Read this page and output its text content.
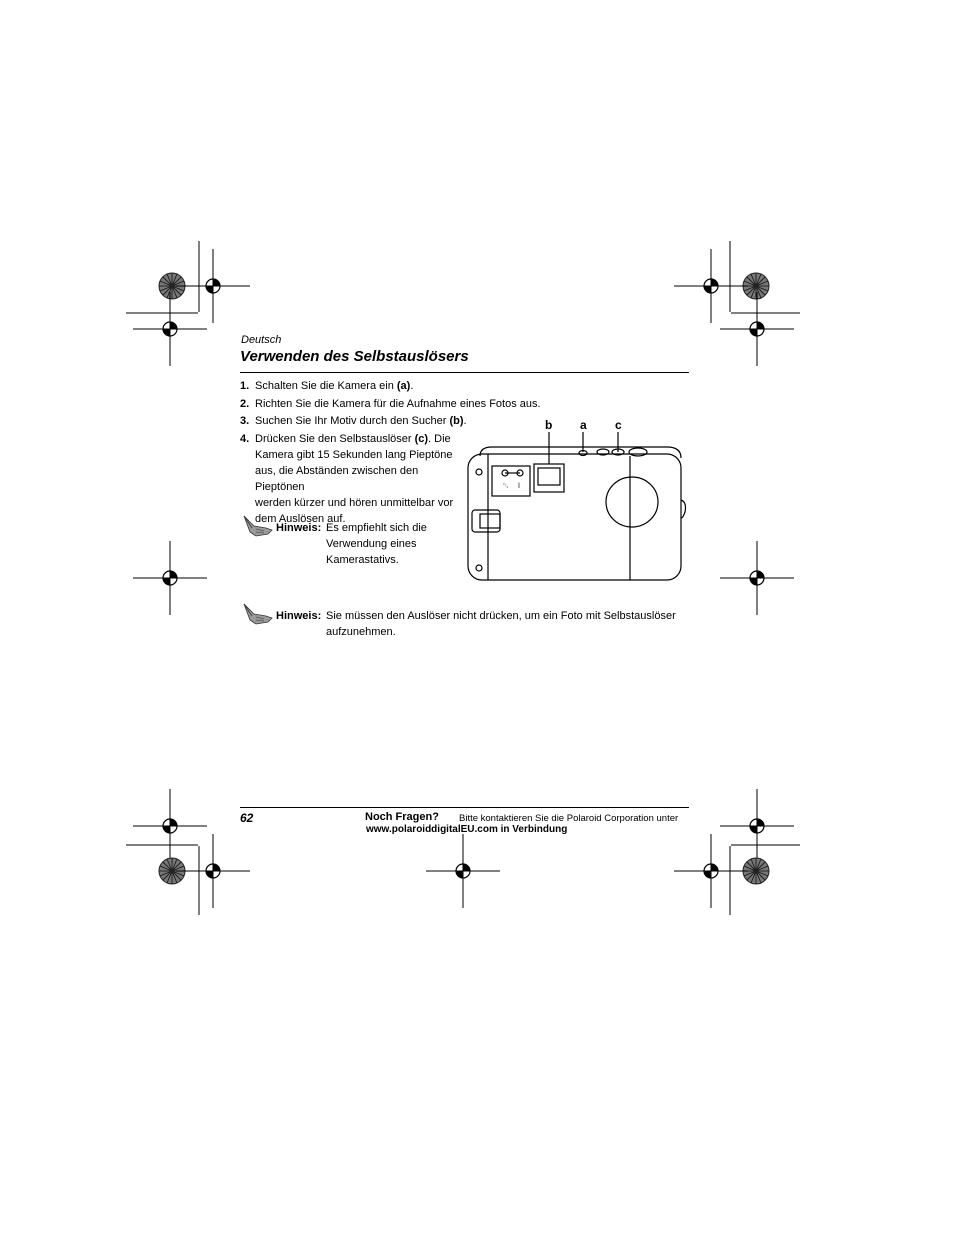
Deutsch
Verwenden des Selbstauslösers
1. Schalten Sie die Kamera ein (a).
2. Richten Sie die Kamera für die Aufnahme eines Fotos aus.
3. Suchen Sie Ihr Motiv durch den Sucher (b).
4. Drücken Sie den Selbstauslöser (c). Die
Kamera gibt 15 Sekunden lang Pieptöne
aus, die Abständen zwischen den Pieptönen
werden kürzer und hören unmittelbar vor
dem Auslösen auf.
Hinweis: Es empfiehlt sich die
Verwendung eines
Kamerastativs.
b a c
␃ ⅼ
Hinweis: Sie müssen den Auslöser nicht drücken, um ein Foto mit Selbstauslöser
aufzunehmen.
62	Noch Fragen? Bitte kontaktieren Sie die Polaroid Corporation unter
www.polaroiddigitalEU.com in Verbindung
